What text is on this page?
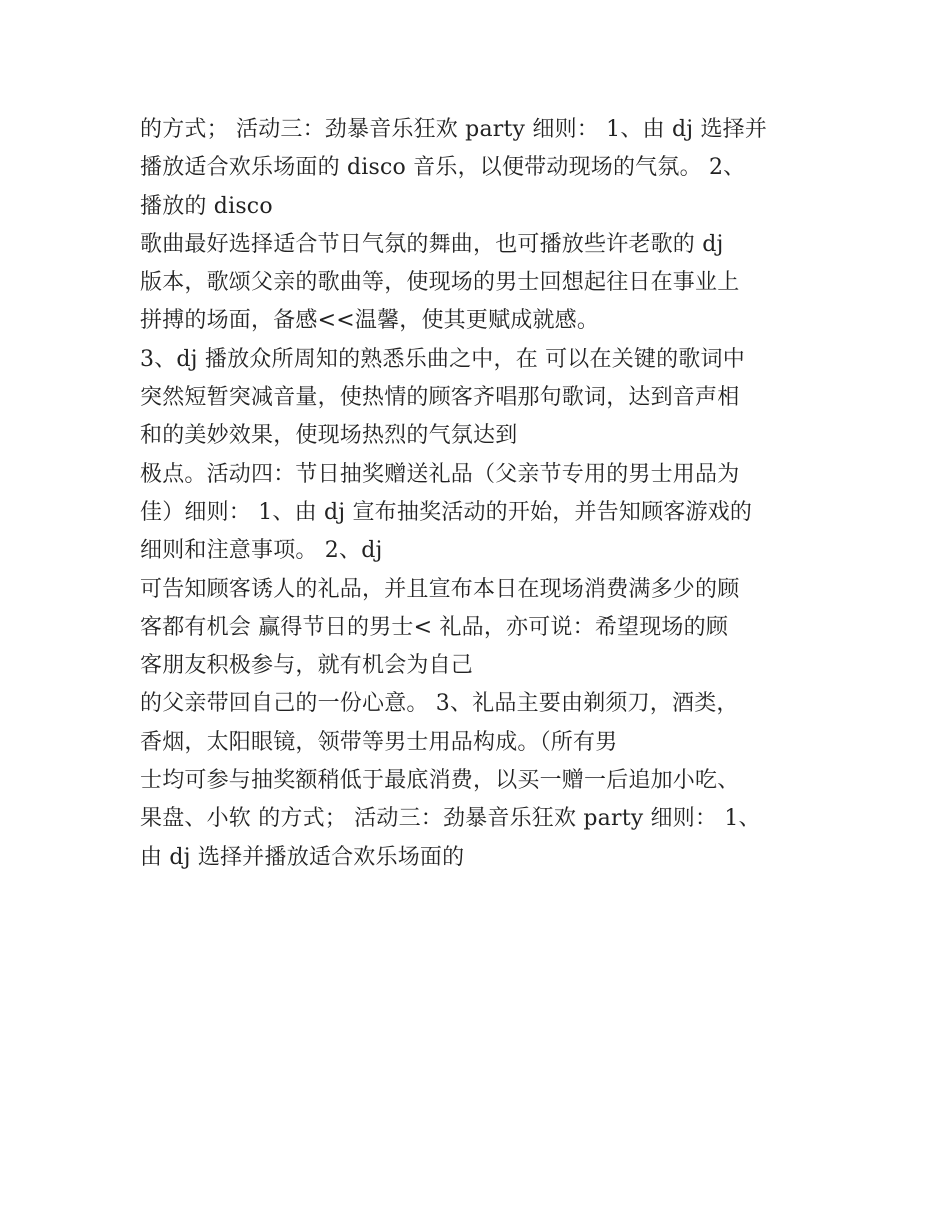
的方式； 活动三：劲暴音乐狂欢 party 细则： 1、由 dj 选择并
播放适合欢乐场面的 disco 音乐，以便带动现场的气氛。 2、
播放的 disco
歌曲最好选择适合节日气氛的舞曲，也可播放些许老歌的 dj
版本，歌颂父亲的歌曲等，使现场的男士回想起往日在事业上
拼搏的场面，备感<<温馨，使其更赋成就感。
3、dj 播放众所周知的熟悉乐曲之中，在 可以在关键的歌词中
突然短暂突减音量，使热情的顾客齐唱那句歌词，达到音声相
和的美妙效果，使现场热烈的气氛达到
极点。活动四：节日抽奖赠送礼品（父亲节专用的男士用品为
佳）细则： 1、由 dj 宣布抽奖活动的开始，并告知顾客游戏的
细则和注意事项。 2、dj
可告知顾客诱人的礼品，并且宣布本日在现场消费满多少的顾
客都有机会 赢得节日的男士< 礼品，亦可说：希望现场的顾
客朋友积极参与，就有机会为自己
的父亲带回自己的一份心意。 3、礼品主要由剃须刀，酒类，
香烟，太阳眼镜，领带等男士用品构成。（所有男
士均可参与抽奖额稍低于最底消费，以买一赠一后追加小吃、
果盘、小软 的方式； 活动三：劲暴音乐狂欢 party 细则： 1、
由 dj 选择并播放适合欢乐场面的
